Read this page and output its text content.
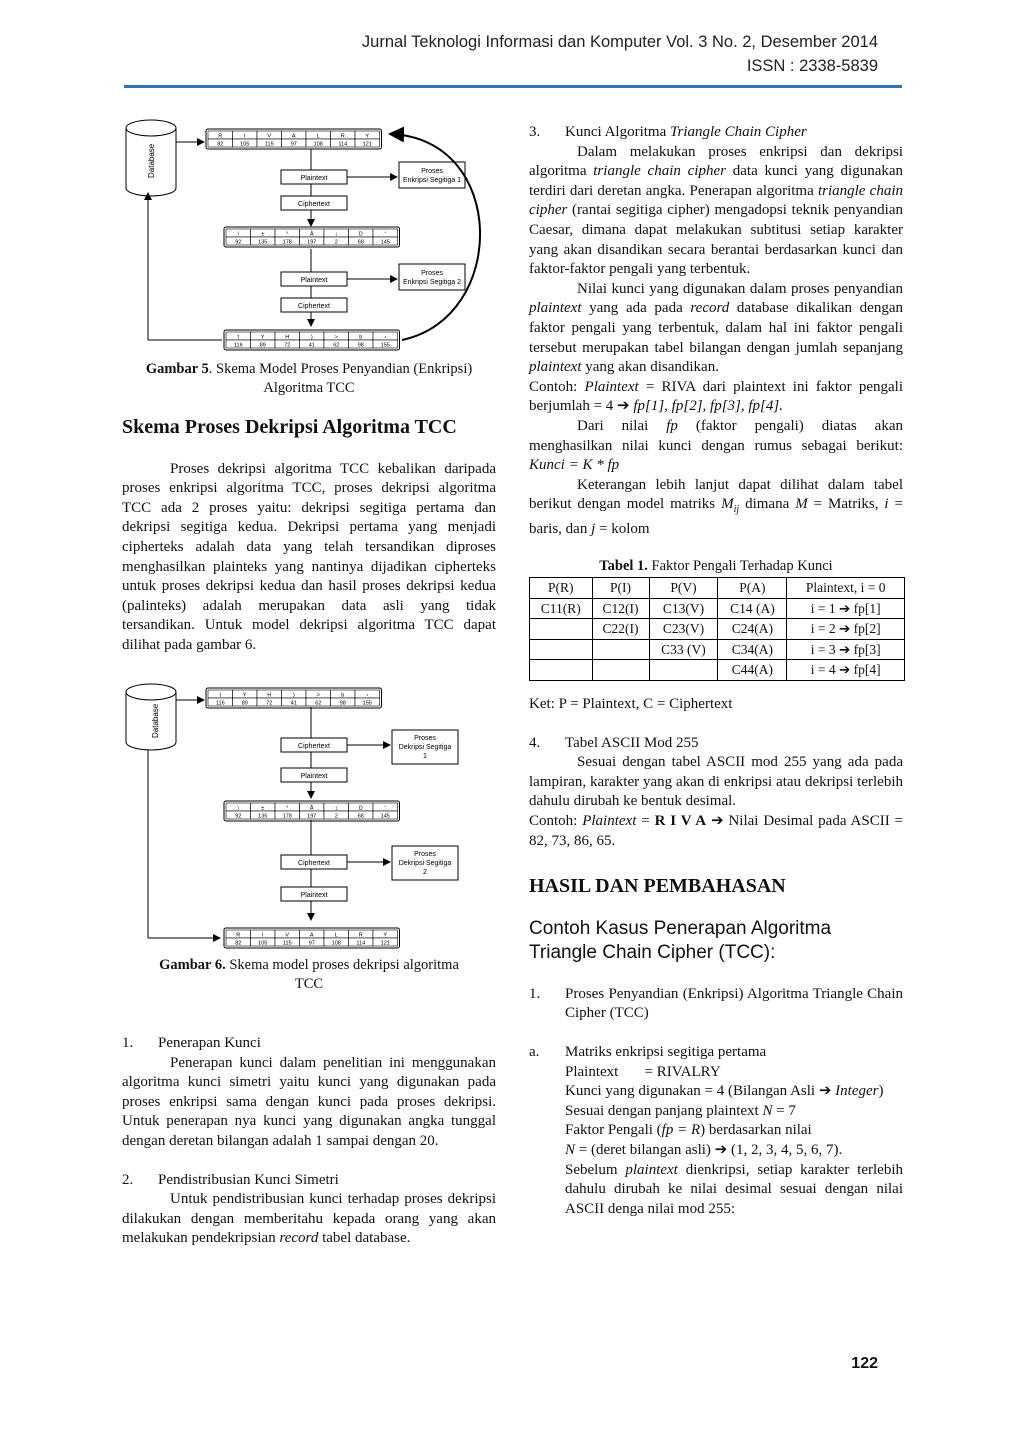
Jurnal Teknologi Informasi dan Komputer Vol. 3 No. 2, Desember 2014
ISSN : 2338-5839
Database
R
82
I
105
V
115
A
97
L
108
R
114
Y
121
\
92
±
135
°
178
Å
197
↕
2
D
68
˘
145
t
116
Y
89
H
72
)
41
>
62
b
98
›
155
Plaintext
Ciphertext
Proses
Enkripsi Segitiga 1
Plaintext
Ciphertext
Proses
Enkripsi Segitiga 2
Gambar 5. Skema Model Proses Penyandian (Enkripsi)
Algoritma TCC

Skema Proses Dekripsi Algoritma TCC

Proses dekripsi algoritma TCC kebalikan daripada proses enkripsi algoritma TCC, proses dekripsi algoritma TCC ada 2 proses yaitu: dekripsi segitiga pertama dan dekripsi segitiga kedua. Dekripsi pertama yang menjadi cipherteks adalah data yang telah tersandikan diproses menghasilkan plainteks yang nantinya dijadikan cipherteks untuk proses dekripsi kedua dan hasil proses dekripsi kedua (palinteks) adalah merupakan data asli yang tidak tersandikan. Untuk model dekripsi algoritma TCC dapat dilihat pada gambar 6.

Database
t
116
Y
89
H
72
)
41
>
62
b
98
›
155
\
92
±
135
°
178
Å
197
↕
2
D
68
˘
145
R
82
I
105
V
115
A
97
L
108
R
114
Y
121
Ciphertext
Plaintext
Proses
Dekripsi Segitiga
1
Ciphertext
Plaintext
Proses
Dekripsi Segitiga
2
Gambar 6. Skema model proses dekripsi algoritma
TCC
1.	Penerapan Kunci

Penerapan kunci dalam penelitian ini menggunakan algoritma kunci simetri yaitu kunci yang digunakan pada proses enkripsi sama dengan kunci pada proses dekripsi. Untuk penerapan nya kunci yang digunakan angka tunggal dengan deretan bilangan adalah 1 sampai dengan 20.

2.	Pendistribusian Kunci Simetri

Untuk pendistribusian kunci terhadap proses dekripsi dilakukan dengan memberitahu kepada orang yang akan melakukan pendekripsian record tabel database.

3.	Kunci Algoritma Triangle Chain Cipher

Dalam melakukan proses enkripsi dan dekripsi algoritma triangle chain cipher data kunci yang digunakan terdiri dari deretan angka. Penerapan algoritma triangle chain cipher (rantai segitiga cipher) mengadopsi teknik penyandian Caesar, dimana dapat melakukan subtitusi setiap karakter yang akan disandikan secara berantai berdasarkan kunci dan faktor-faktor pengali yang terbentuk.

Nilai kunci yang digunakan dalam proses penyandian plaintext yang ada pada record database dikalikan dengan faktor pengali yang terbentuk, dalam hal ini faktor pengali tersebut merupakan tabel bilangan dengan jumlah sepanjang plaintext yang akan disandikan.

Contoh: Plaintext = RIVA dari plaintext ini faktor pengali berjumlah = 4 ➔ fp[1], fp[2], fp[3], fp[4].

Dari nilai fp (faktor pengali) diatas akan menghasilkan nilai kunci dengan rumus sebagai berikut: Kunci = K * fp

Keterangan lebih lanjut dapat dilihat dalam tabel berikut dengan model matriks $M_{ij}$ dimana M = Matriks, i = baris, dan j = kolom

Tabel 1. Faktor Pengali Terhadap Kunci
P(R)	P(I)	P(V)	P(A)	Plaintext, i = 0
C11(R)	C12(I)	C13(V)	C14 (A)	i = 1 ➔ fp[1]
	C22(I)	C23(V)	C24(A)	i = 2 ➔ fp[2]
		C33 (V)	C34(A)	i = 3 ➔ fp[3]
			C44(A)	i = 4 ➔ fp[4]

Ket: P = Plaintext, C = Ciphertext

4.	Tabel ASCII Mod 255

Sesuai dengan tabel ASCII mod 255 yang ada pada lampiran, karakter yang akan di enkripsi atau dekripsi terlebih dahulu dirubah ke bentuk desimal.

Contoh: Plaintext = R I V A ➔ Nilai Desimal pada ASCII = 82, 73, 86, 65.

HASIL DAN PEMBAHASAN

Contoh Kasus Penerapan Algoritma Triangle Chain Cipher (TCC):

1.	Proses Penyandian (Enkripsi) Algoritma Triangle Chain Cipher (TCC)
a.	Matriks enkripsi segitiga pertama
Plaintext       = RIVALRY
Kunci yang digunakan = 4 (Bilangan Asli ➔ Integer)
Sesuai dengan panjang plaintext N = 7
Faktor Pengali (fp = R) berdasarkan nilai
N = (deret bilangan asli) ➔ (1, 2, 3, 4, 5, 6, 7).
Sebelum plaintext dienkripsi, setiap karakter terlebih dahulu dirubah ke nilai desimal sesuai dengan nilai ASCII denga nilai mod 255:
122
